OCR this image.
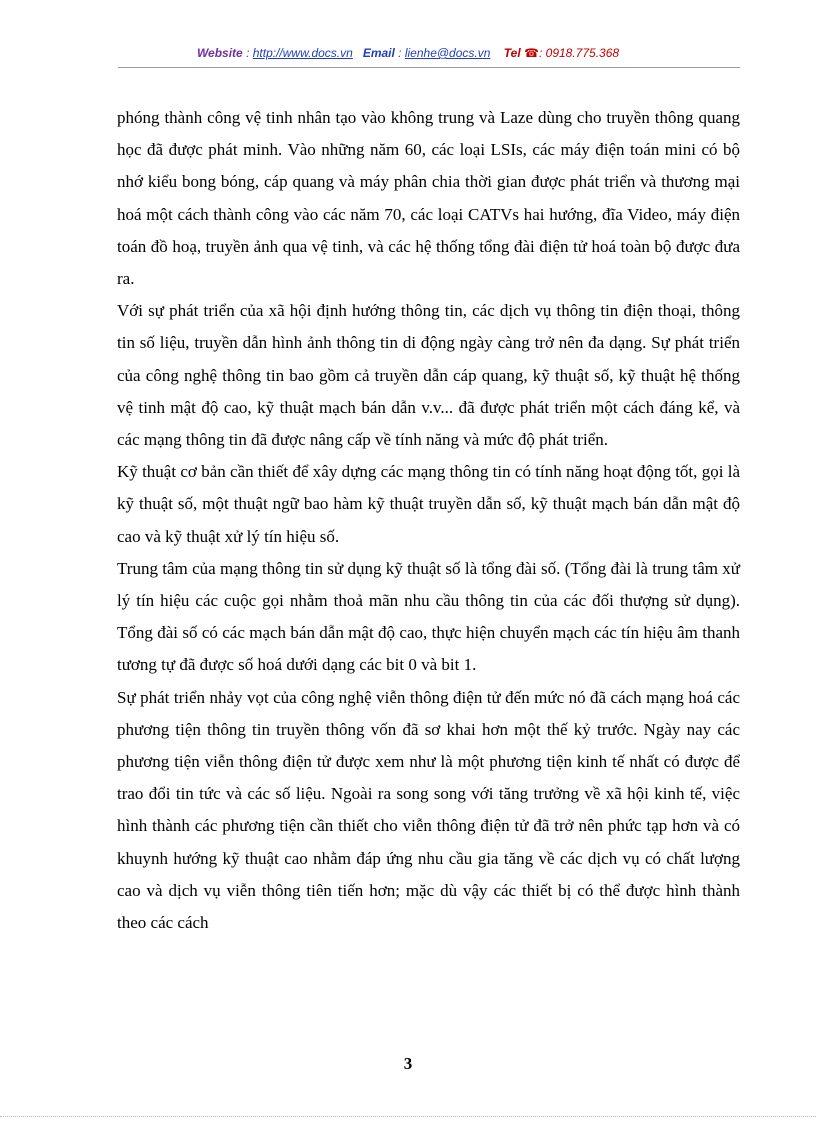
Website : http://www.docs.vn Email : lienhe@docs.vn Tel ☎: 0918.775.368

phóng thành công vệ tinh nhân tạo vào không trung và Laze dùng cho truyền thông quang học đã được phát minh. Vào những năm 60, các loại LSIs, các máy điện toán mini có bộ nhớ kiểu bong bóng, cáp quang và máy phân chia thời gian được phát triển và thương mại hoá một cách thành công vào các năm 70, các loại CATVs hai hướng, đĩa Video, máy điện toán đồ hoạ, truyền ảnh qua vệ tinh, và các hệ thống tổng đài điện tử hoá toàn bộ được đưa ra.

Với sự phát triển của xã hội định hướng thông tin, các dịch vụ thông tin điện thoại, thông tin số liệu, truyền dẫn hình ảnh thông tin di động ngày càng trở nên đa dạng. Sự phát triển của công nghệ thông tin bao gồm cả truyền dẫn cáp quang, kỹ thuật số, kỹ thuật hệ thống vệ tinh mật độ cao, kỹ thuật mạch bán dẫn v.v... đã được phát triển một cách đáng kể, và các mạng thông tin đã được nâng cấp về tính năng và mức độ phát triển.

Kỹ thuật cơ bản cần thiết để xây dựng các mạng thông tin có tính năng hoạt động tốt, gọi là kỹ thuật số, một thuật ngữ bao hàm kỹ thuật truyền dẫn số, kỹ thuật mạch bán dẫn mật độ cao và kỹ thuật xử lý tín hiệu số.

Trung tâm của mạng thông tin sử dụng kỹ thuật số là tổng đài số. (Tổng đài là trung tâm xử lý tín hiệu các cuộc gọi nhằm thoả mãn nhu cầu thông tin của các đối thượng sử dụng). Tổng đài số có các mạch bán dẫn mật độ cao, thực hiện chuyển mạch các tín hiệu âm thanh tương tự đã được số hoá dưới dạng các bit 0 và bit 1.

Sự phát triển nhảy vọt của công nghệ viễn thông điện tử đến mức nó đã cách mạng hoá các phương tiện thông tin truyền thông vốn đã sơ khai hơn một thế kỷ trước. Ngày nay các phương tiện viễn thông điện tử được xem như là một phương tiện kinh tế nhất có được để trao đổi tin tức và các số liệu. Ngoài ra song song với tăng trưởng về xã hội kinh tế, việc hình thành các phương tiện cần thiết cho viễn thông điện tử đã trở nên phức tạp hơn và có khuynh hướng kỹ thuật cao nhằm đáp ứng nhu cầu gia tăng về các dịch vụ có chất lượng cao và dịch vụ viễn thông tiên tiến hơn; mặc dù vậy các thiết bị có thể được hình thành theo các cách

3
